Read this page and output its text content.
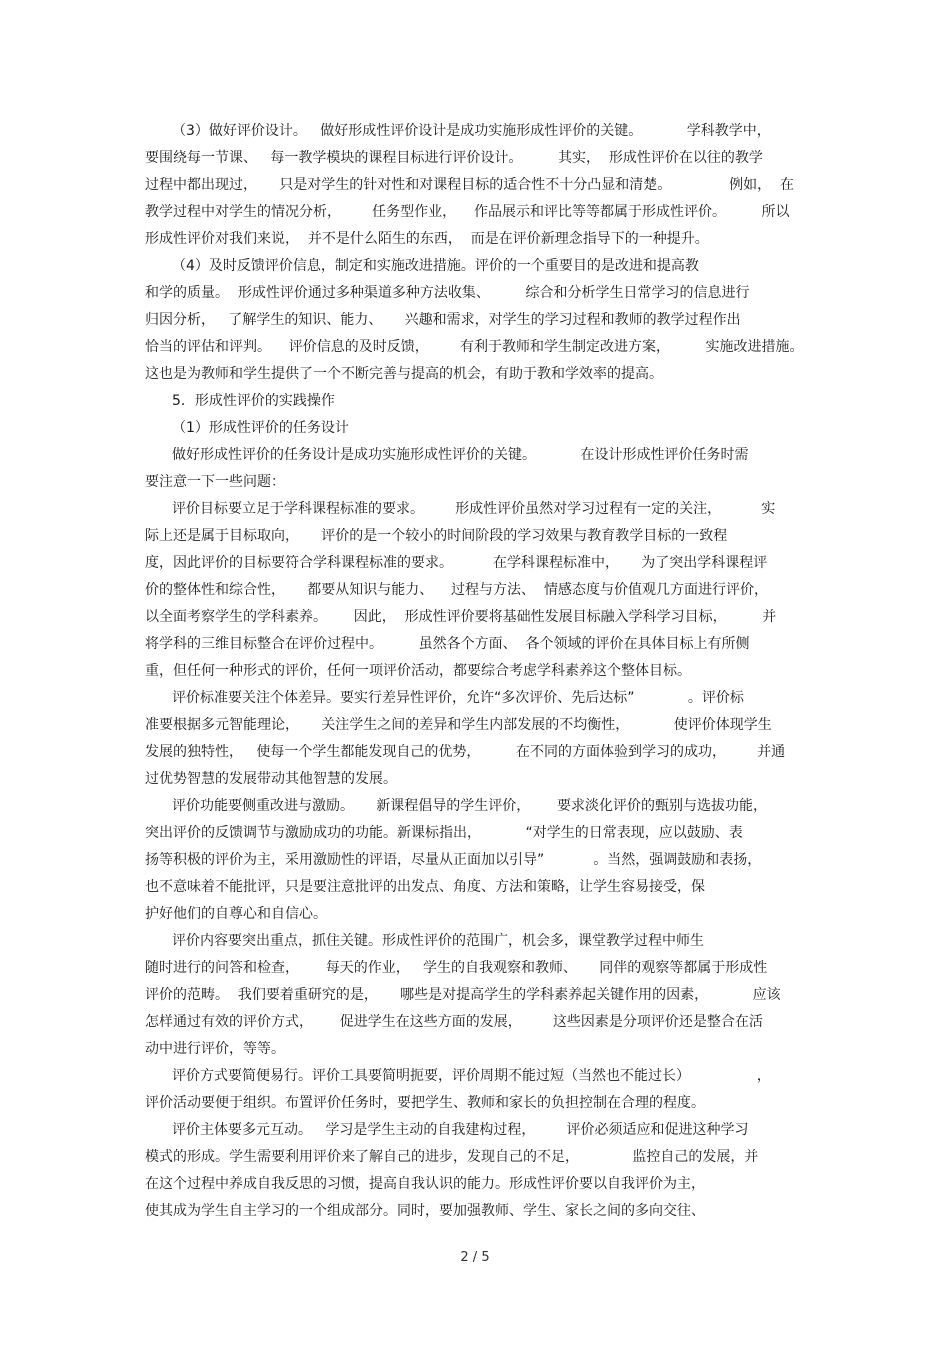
（3）做好评价设计。   做好形成性评价设计是成功实施形成性评价的关键。          学科教学中，
要围绕每一节课、   每一教学模块的课程目标进行评价设计。        其实，  形成性评价在以往的教学
过程中都出现过，     只是对学生的针对性和对课程目标的适合性不十分凸显和清楚。             例如，  在
教学过程中对学生的情况分析，       任务型作业，    作品展示和评比等等都属于形成性评价。        所以
形成性评价对我们来说，  并不是什么陌生的东西，  而是在评价新理念指导下的一种提升。
（4）及时反馈评价信息，制定和实施改进措施。评价的一个重要目的是改进和提高教
和学的质量。  形成性评价通过多种渠道多种方法收集、        综合和分析学生日常学习的信息进行
归因分析，   了解学生的知识、能力、     兴趣和需求，对学生的学习过程和教师的教学过程作出
恰当的评估和评判。    评价信息的及时反馈，       有利于教师和学生制定改进方案，        实施改进措施。
这也是为教师和学生提供了一个不断完善与提高的机会，有助于教和学效率的提高。
5．形成性评价的实践操作
（1）形成性评价的任务设计
做好形成性评价的任务设计是成功实施形成性评价的关键。          在设计形成性评价任务时需
要注意一下一些问题：
评价目标要立足于学科课程标准的要求。       形成性评价虽然对学习过程有一定的关注，         实
际上还是属于目标取向，     评价的是一个较小的时间阶段的学习效果与教育教学目标的一致程
度，因此评价的目标要符合学科课程标准的要求。         在学科课程标准中，     为了突出学科课程评
价的整体性和综合性，     都要从知识与能力、    过程与方法、  情感态度与价值观几方面进行评价，
以全面考察学生的学科素养。      因此，  形成性评价要将基础性发展目标融入学科学习目标，        并
将学科的三维目标整合在评价过程中。        虽然各个方面、  各个领域的评价在具体目标上有所侧
重，但任何一种形式的评价，任何一项评价活动，都要综合考虑学科素养这个整体目标。
评价标准要关注个体差异。要实行差异性评价，允许“多次评价、先后达标”            。评价标
准要根据多元智能理论，     关注学生之间的差异和学生内部发展的不均衡性，          使评价体现学生
发展的独特性，   使每一个学生都能发现自己的优势，        在不同的方面体验到学习的成功，       并通
过优势智慧的发展带动其他智慧的发展。
评价功能要侧重改进与激励。     新课程倡导的学生评价，      要求淡化评价的甄别与选拔功能，
突出评价的反馈调节与激励成功的功能。新课标指出，          “对学生的日常表现，应以鼓励、表
扬等积极的评价为主，采用激励性的评语，尽量从正面加以引导”           。当然，强调鼓励和表扬，
也不意味着不能批评，只是要注意批评的出发点、角度、方法和策略，让学生容易接受，保
护好他们的自尊心和自信心。
评价内容要突出重点，抓住关键。形成性评价的范围广，机会多，课堂教学过程中师生
随时进行的问答和检查，      每天的作业，   学生的自我观察和教师、     同伴的观察等都属于形成性
评价的范畴。  我们要着重研究的是，     哪些是对提高学生的学科素养起关键作用的因素，          应该
怎样通过有效的评价方式，      促进学生在这些方面的发展，       这些因素是分项评价还是整合在活
动中进行评价，等等。
评价方式要简便易行。评价工具要简明扼要，评价周期不能过短（当然也不能过长）               ，
评价活动要便于组织。布置评价任务时，要把学生、教师和家长的负担控制在合理的程度。
评价主体要多元互动。   学习是学生主动的自我建构过程，       评价必须适应和促进这种学习
模式的形成。学生需要利用评价来了解自己的进步，发现自己的不足，            监控自己的发展，并
在这个过程中养成自我反思的习惯，提高自我认识的能力。形成性评价要以自我评价为主，
使其成为学生自主学习的一个组成部分。同时，要加强教师、学生、家长之间的多向交往、
2 / 5
